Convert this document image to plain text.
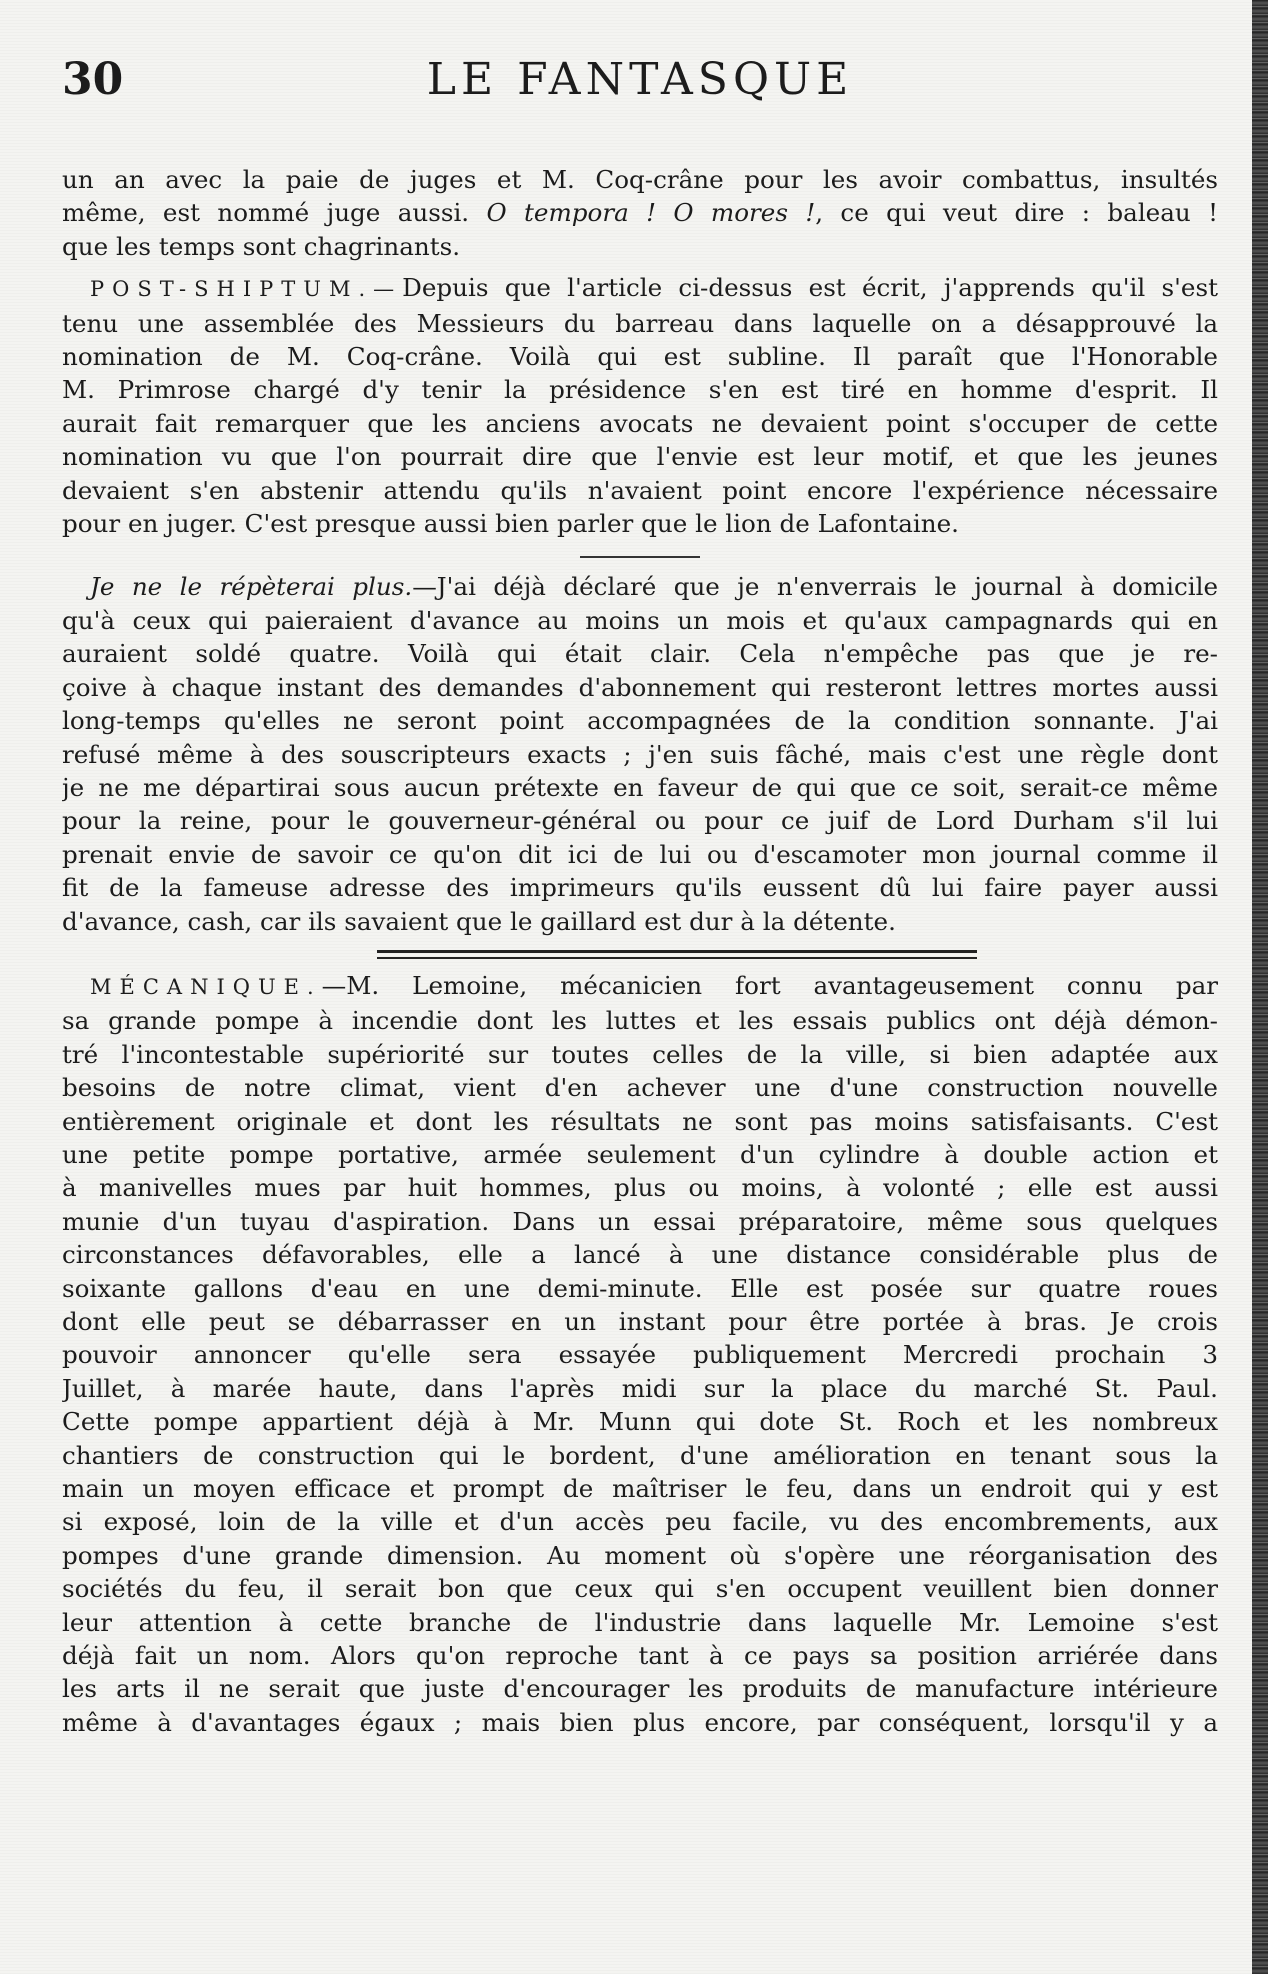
30	LE FANTASQUE
un an avec la paie de juges et M. Coq-crâne pour les avoir combattus, insultés
même, est nommé juge aussi. O tempora ! O mores !, ce qui veut dire : baleau !
que les temps sont chagrinants.
POST-SHIPTUM.—Depuis que l'article ci-dessus est écrit, j'apprends qu'il s'est
tenu une assemblée des Messieurs du barreau dans laquelle on a désapprouvé la
nomination de M. Coq-crâne. Voilà qui est subline. Il paraît que l'Honorable
M. Primrose chargé d'y tenir la présidence s'en est tiré en homme d'esprit. Il
aurait fait remarquer que les anciens avocats ne devaient point s'occuper de cette
nomination vu que l'on pourrait dire que l'envie est leur motif, et que les jeunes
devaient s'en abstenir attendu qu'ils n'avaient point encore l'expérience nécessaire
pour en juger. C'est presque aussi bien parler que le lion de Lafontaine.
Je ne le répèterai plus.—J'ai déjà déclaré que je n'enverrais le journal à domicile
qu'à ceux qui paieraient d'avance au moins un mois et qu'aux campagnards qui en
auraient soldé quatre. Voilà qui était clair. Cela n'empêche pas que je re-
çoive à chaque instant des demandes d'abonnement qui resteront lettres mortes aussi
long-temps qu'elles ne seront point accompagnées de la condition sonnante. J'ai
refusé même à des souscripteurs exacts ; j'en suis fâché, mais c'est une règle dont
je ne me départirai sous aucun prétexte en faveur de qui que ce soit, serait-ce même
pour la reine, pour le gouverneur-général ou pour ce juif de Lord Durham s'il lui
prenait envie de savoir ce qu'on dit ici de lui ou d'escamoter mon journal comme il
fit de la fameuse adresse des imprimeurs qu'ils eussent dû lui faire payer aussi
d'avance, cash, car ils savaient que le gaillard est dur à la détente.
MÉCANIQUE.—M. Lemoine, mécanicien fort avantageusement connu par
sa grande pompe à incendie dont les luttes et les essais publics ont déjà démon-
tré l'incontestable supériorité sur toutes celles de la ville, si bien adaptée aux
besoins de notre climat, vient d'en achever une d'une construction nouvelle
entièrement originale et dont les résultats ne sont pas moins satisfaisants. C'est
une petite pompe portative, armée seulement d'un cylindre à double action et
à manivelles mues par huit hommes, plus ou moins, à volonté ; elle est aussi
munie d'un tuyau d'aspiration. Dans un essai préparatoire, même sous quelques
circonstances défavorables, elle a lancé à une distance considérable plus de
soixante gallons d'eau en une demi-minute. Elle est posée sur quatre roues
dont elle peut se débarrasser en un instant pour être portée à bras. Je crois
pouvoir annoncer qu'elle sera essayée publiquement Mercredi prochain 3
Juillet, à marée haute, dans l'après midi sur la place du marché St. Paul.
Cette pompe appartient déjà à Mr. Munn qui dote St. Roch et les nombreux
chantiers de construction qui le bordent, d'une amélioration en tenant sous la
main un moyen efficace et prompt de maîtriser le feu, dans un endroit qui y est
si exposé, loin de la ville et d'un accès peu facile, vu des encombrements, aux
pompes d'une grande dimension. Au moment où s'opère une réorganisation des
sociétés du feu, il serait bon que ceux qui s'en occupent veuillent bien donner
leur attention à cette branche de l'industrie dans laquelle Mr. Lemoine s'est
déjà fait un nom. Alors qu'on reproche tant à ce pays sa position arriérée dans
les arts il ne serait que juste d'encourager les produits de manufacture intérieure
même à d'avantages égaux ; mais bien plus encore, par conséquent, lorsqu'il y a
